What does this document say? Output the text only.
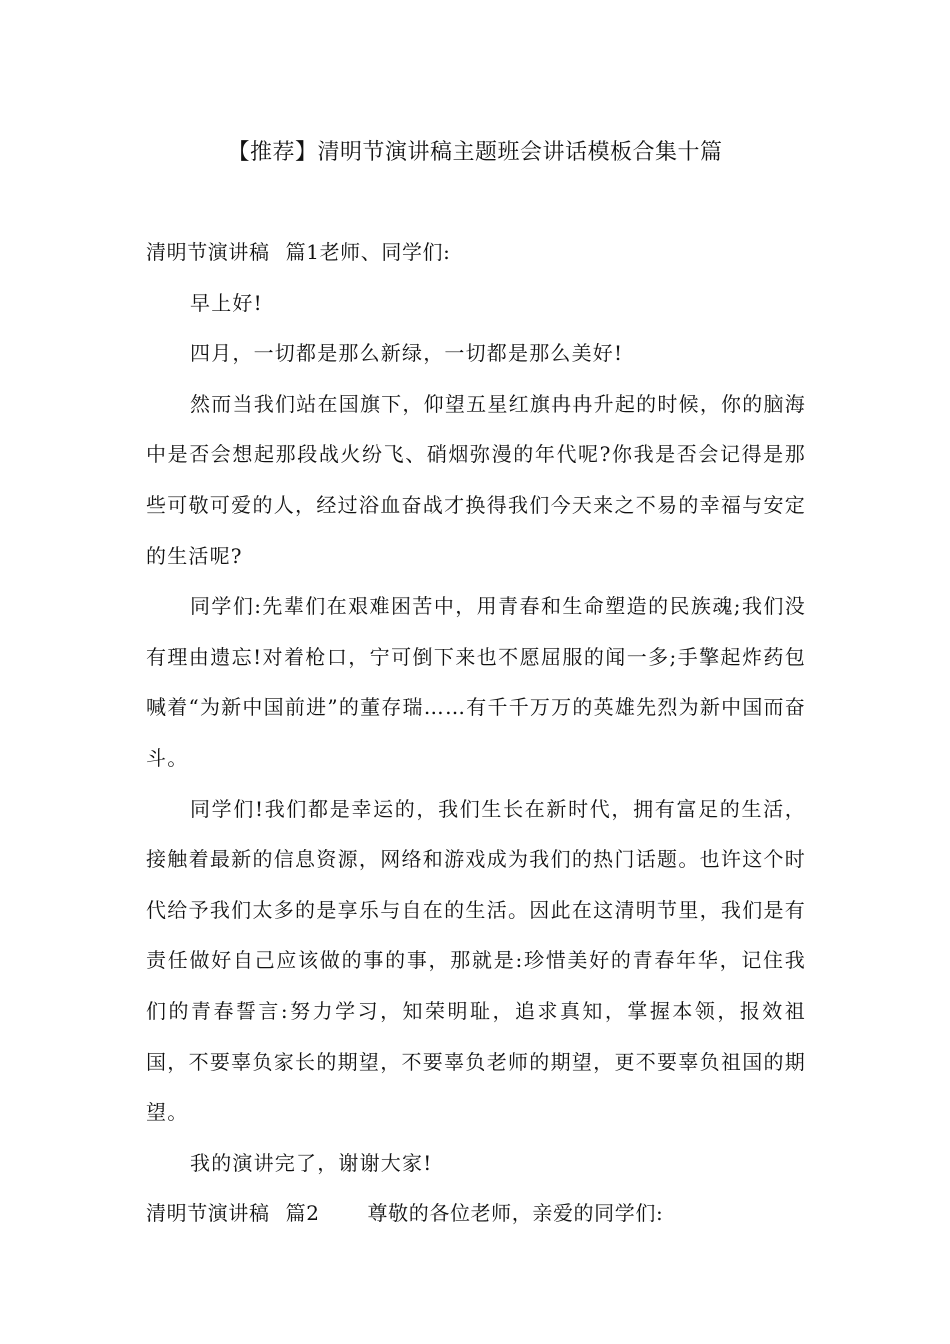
【推荐】清明节演讲稿主题班会讲话模板合集十篇

清明节演讲稿 篇1老师、同学们:

早上好!

四月，一切都是那么新绿，一切都是那么美好!

然而当我们站在国旗下，仰望五星红旗冉冉升起的时候，你的脑海中是否会想起那段战火纷飞、硝烟弥漫的年代呢?你我是否会记得是那些可敬可爱的人，经过浴血奋战才换得我们今天来之不易的幸福与安定的生活呢?

同学们:先辈们在艰难困苦中，用青春和生命塑造的民族魂;我们没有理由遗忘!对着枪口，宁可倒下来也不愿屈服的闻一多;手擎起炸药包喊着“为新中国前进”的董存瑞……有千千万万的英雄先烈为新中国而奋斗。

同学们!我们都是幸运的，我们生长在新时代，拥有富足的生活，接触着最新的信息资源，网络和游戏成为我们的热门话题。也许这个时代给予我们太多的是享乐与自在的生活。因此在这清明节里，我们是有责任做好自己应该做的事的事，那就是:珍惜美好的青春年华，记住我们的青春誓言:努力学习，知荣明耻，追求真知，掌握本领，报效祖国，不要辜负家长的期望，不要辜负老师的期望，更不要辜负祖国的期望。

我的演讲完了，谢谢大家!

清明节演讲稿 篇2 尊敬的各位老师，亲爱的同学们:
